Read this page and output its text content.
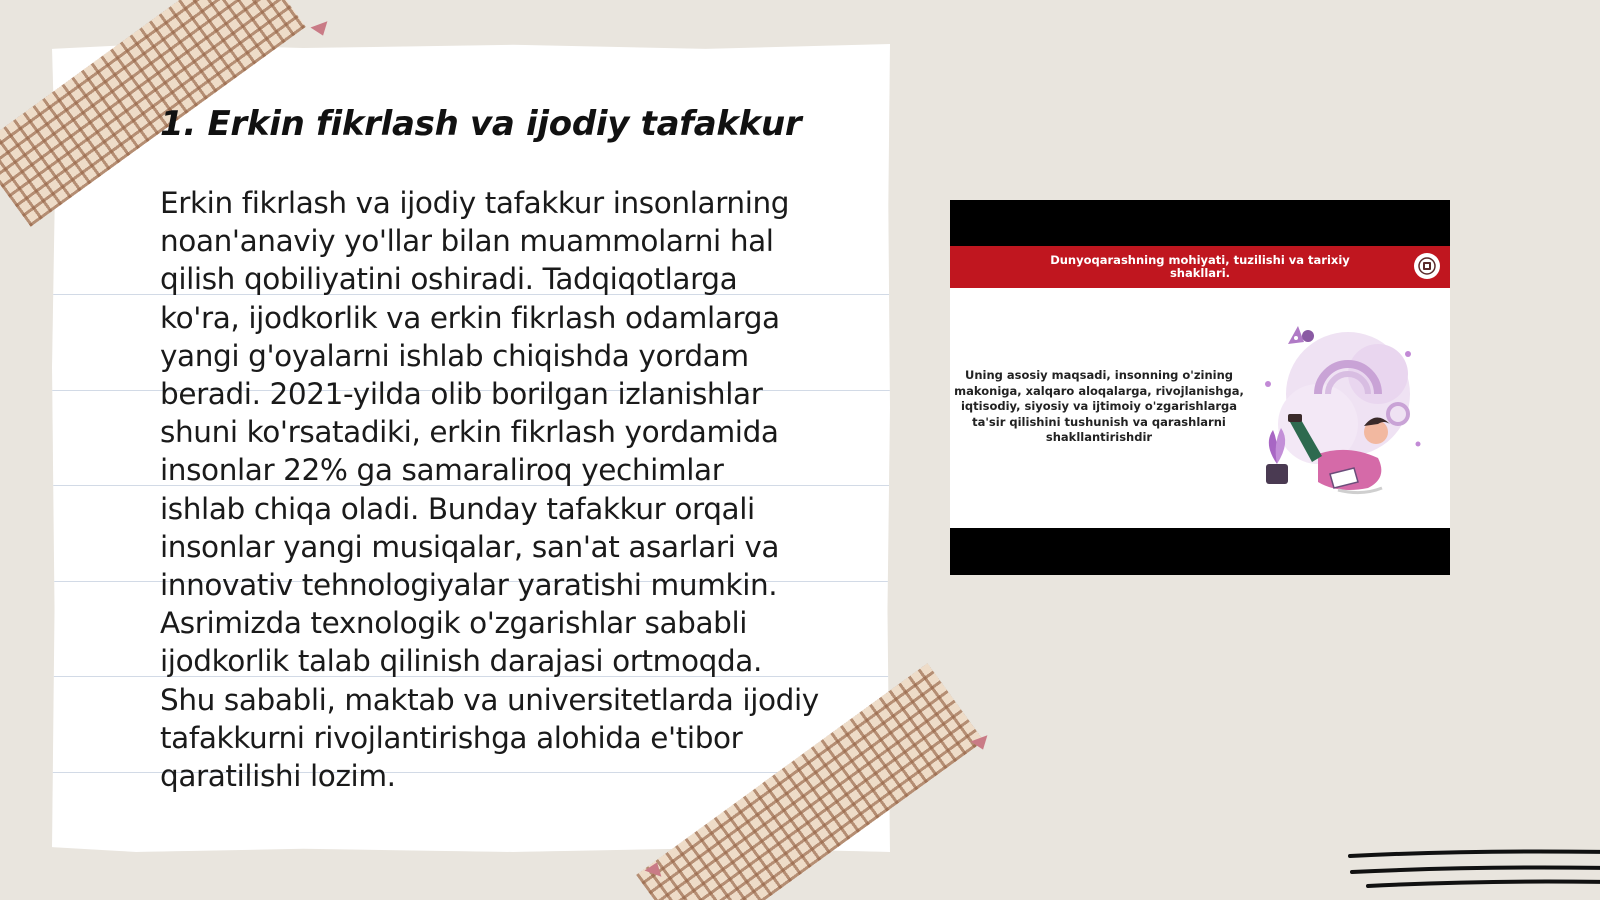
1. Erkin fikrlash va ijodiy tafakkur

Erkin fikrlash va ijodiy tafakkur insonlarning
noan'anaviy yo'llar bilan muammolarni hal
qilish qobiliyatini oshiradi. Tadqiqotlarga
ko'ra, ijodkorlik va erkin fikrlash odamlarga
yangi g'oyalarni ishlab chiqishda yordam
beradi. 2021-yilda olib borilgan izlanishlar
shuni ko'rsatadiki, erkin fikrlash yordamida
insonlar 22% ga samaraliroq yechimlar
ishlab chiqa oladi. Bunday tafakkur orqali
insonlar yangi musiqalar, san'at asarlari va
innovativ tehnologiyalar yaratishi mumkin.
Asrimizda texnologik o'zgarishlar sababli
ijodkorlik talab qilinish darajasi ortmoqda.
Shu sababli, maktab va universitetlarda ijodiy
tafakkurni rivojlantirishga alohida e'tibor
qaratilishi lozim.

Dunyoqarashning mohiyati, tuzilishi va tarixiy
shakllari.
Uning asosiy maqsadi, insonning o'zining
makoniga, xalqaro aloqalarga, rivojlanishga,
iqtisodiy, siyosiy va ijtimoiy o'zgarishlarga
ta'sir qilishini tushunish va qarashlarni
shakllantirishdir
